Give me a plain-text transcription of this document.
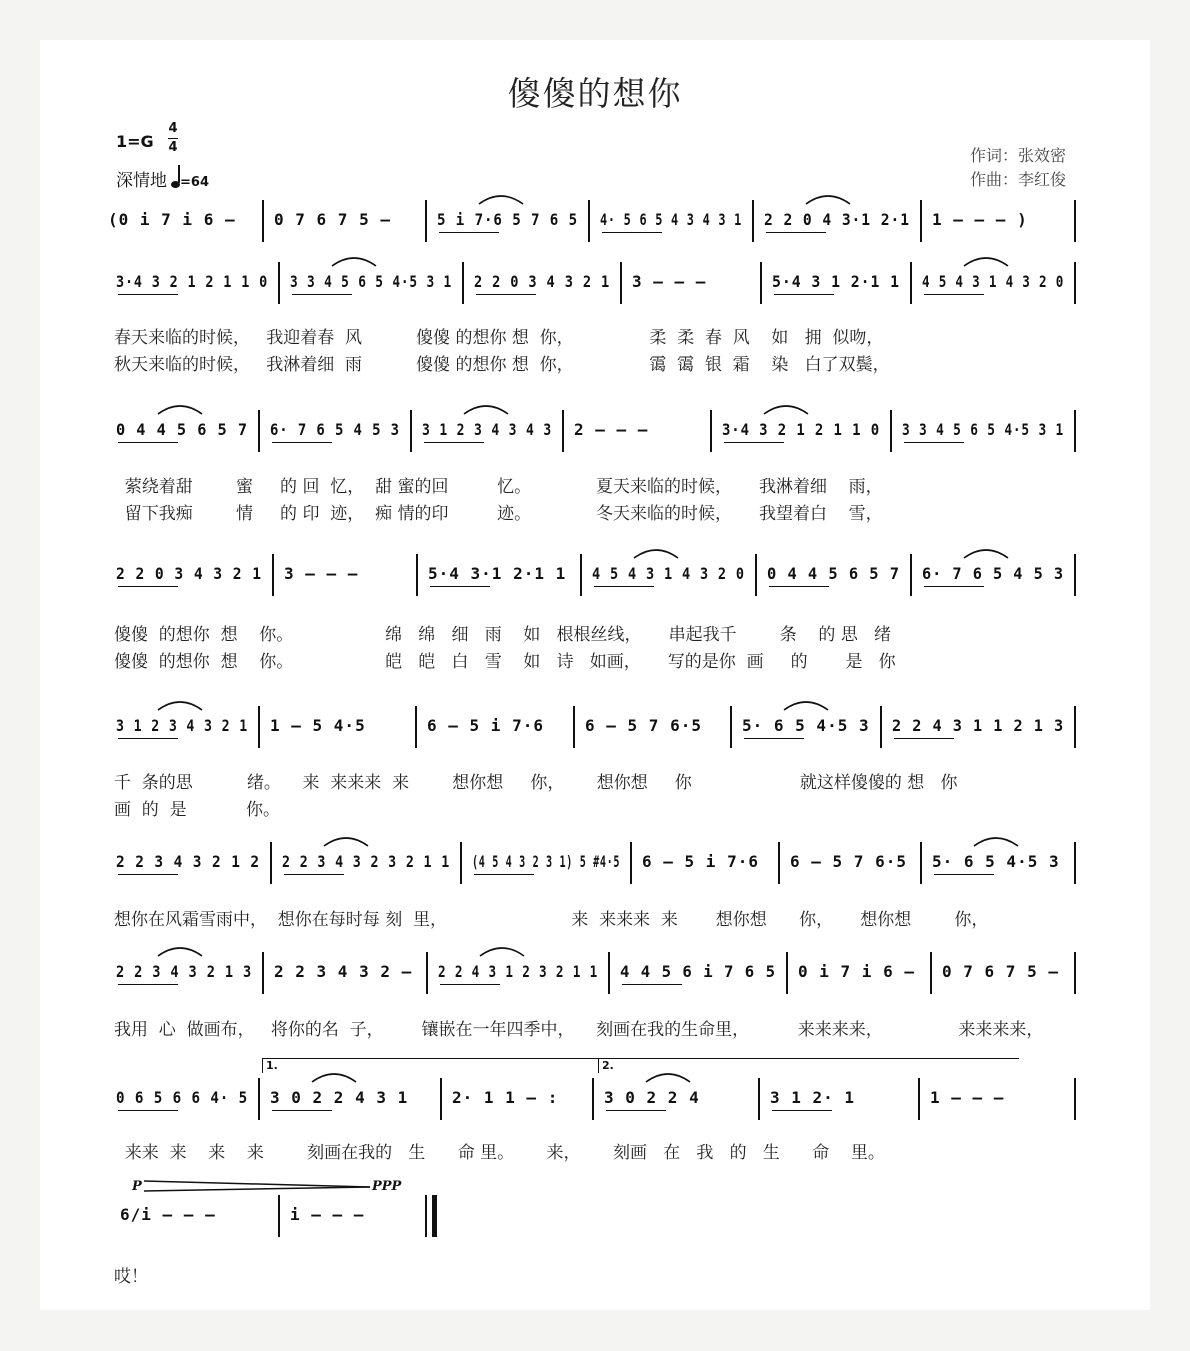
傻傻的想你
1=G
4
4
深情地 =64
作词：张效密
作曲：李红俊
(0 i 7 i 6 – 0 7 6 7 5 –	5 i 7·6 5 7 6 5 4· 5 6 5 4 3 4 3 1 2 2 0 4 3·1 2·1 1 – – – )
3·4 3 2 1 2 1 1 0 3 3 4 5 6 5 4·5 3 1 2 2 0 3 4 3 2 1 3 – – –	5·4 3 1 2·1 1 4 5 4 3 1 4 3 2 0
春天来临的时候，   我迎着春  风          傻傻 的想你 想  你，              柔  柔  春  风    如   拥  似吻，
秋天来临的时候，   我淋着细  雨          傻傻 的想你 想  你，              霭  霭  银  霜    染   白了双鬓，
0 4 4 5 6 5 7 6· 7 6 5 4 5 3 3 1 2 3 4 3 4 3 2 – – –	3·4 3 2 1 2 1 1 0 3 3 4 5 6 5 4·5 3 1
萦绕着甜        蜜     的 回  忆，  甜 蜜的回         忆。            夏天来临的时候，     我淋着细    雨，
留下我痴        情     的 印  迹，  痴 情的印         迹。            冬天来临的时候，     我望着白    雪，
2 2 0 3 4 3 2 1 3 – – –	5·4 3·1 2·1 1 4 5 4 3 1 4 3 2 0 0 4 4 5 6 5 7 6· 7 6 5 4 5 3
傻傻  的想你  想    你。                 绵   绵   细   雨    如   根根丝线，     串起我千        条    的 思   绪
傻傻  的想你  想    你。                 皑   皑   白   雪    如   诗   如画，     写的是你  画     的       是   你
3 1 2 3 4 3 2 1 1 – 5 4·5	6 – 5 i 7·6	6 – 5 7 6·5	5· 6 5 4·5 3 2 2 4 3 1 1 2 1 3
千  条的思          绪。    来  来来来  来        想你想     你，      想你想     你                    就这样傻傻的 想   你
画  的  是           你。
2 2 3 4 3 2 1 2 2 2 3 4 3 2 3 2 1 1 (4 5 4 3 2 3 1) 5 #4·5 6 – 5 i 7·6 6 – 5 7 6·5 5· 6 5 4·5 3
想你在风霜雪雨中，  想你在每时每 刻  里，                       来  来来来  来       想你想      你，     想你想        你，
2 2 3 4 3 2 1 3 2 2 3 4 3 2 – 2 2 4 3 1 2 3 2 1 1 4 4 5 6 i 7 6 5 0 i 7 i 6 – 0 7 6 7 5 –
我用  心  做画布，   将你的名  子，       镶嵌在一年四季中，    刻画在我的生命里，         来来来来，              来来来来，
0 6 5 6 6 4· 5 3 0 2 2 4 3 1	2· 1 1 – :	3 0 2 2 4	3 1 2· 1	1 – – –
来来  来    来    来        刻画在我的   生      命 里。      来，      刻画   在   我   的   生      命    里。
1.	2.
6/i – – –	i – – –
哎！
P	PPP
